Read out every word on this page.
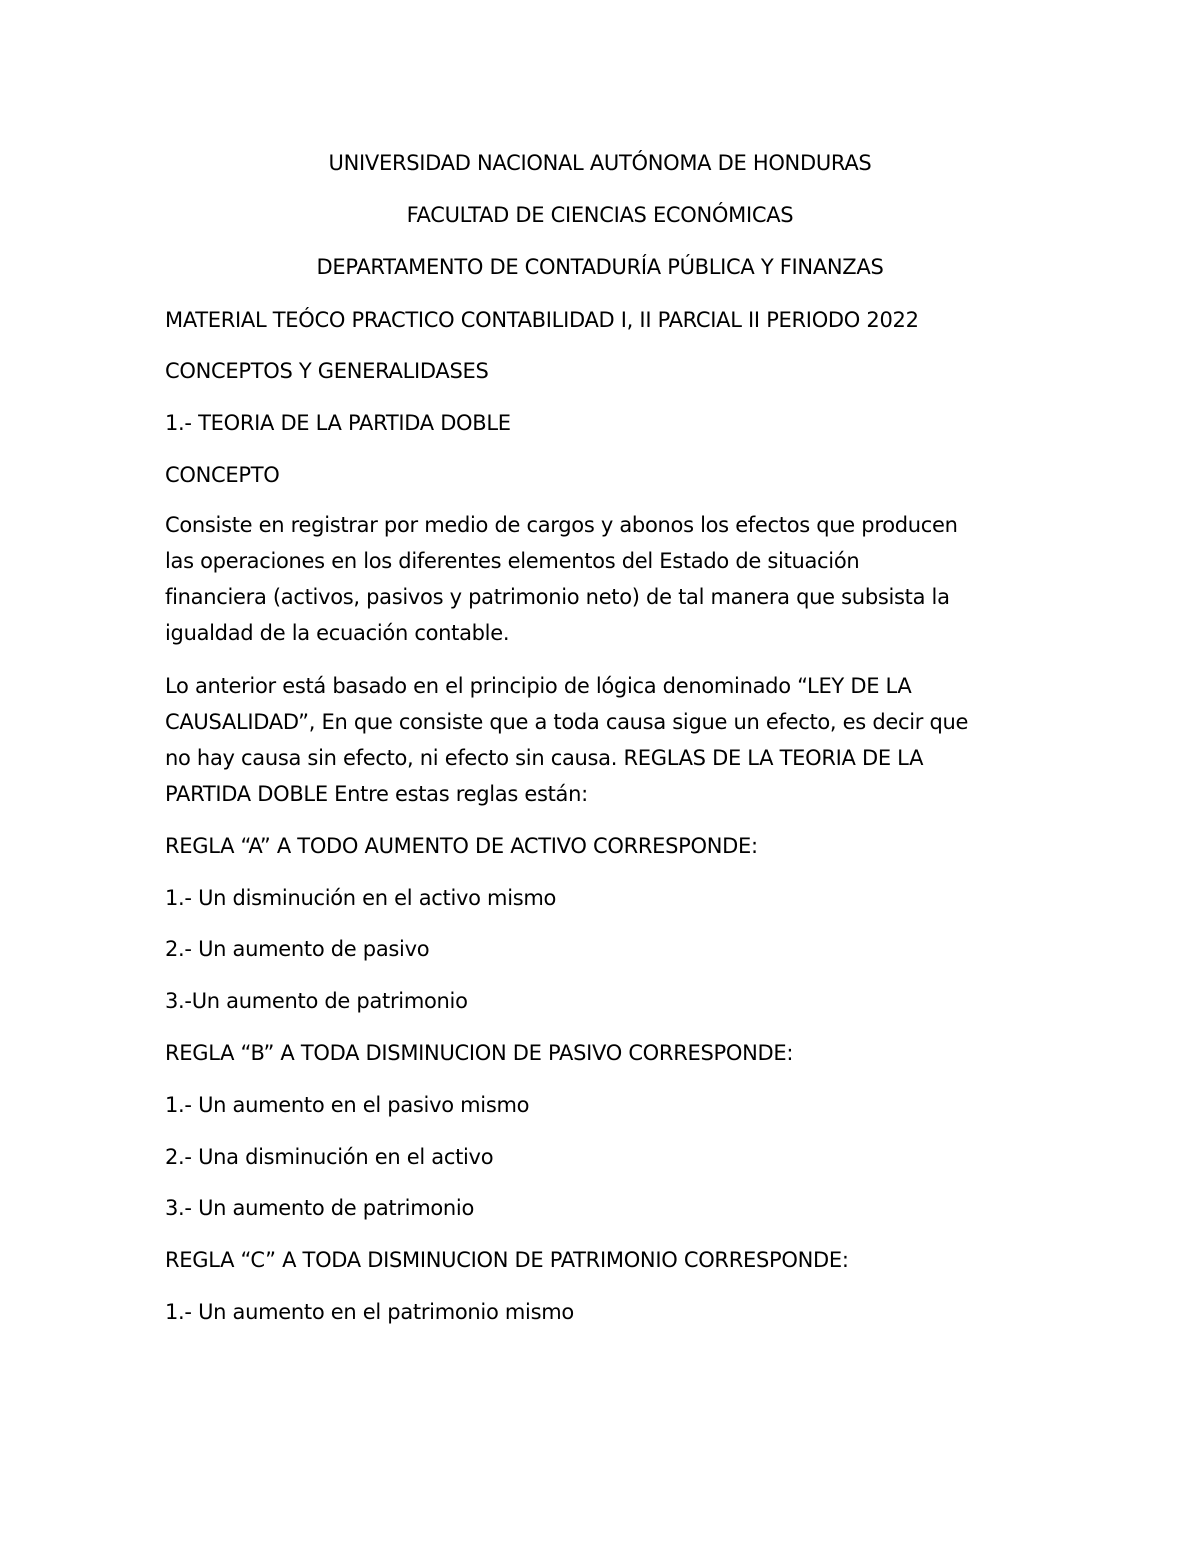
UNIVERSIDAD NACIONAL AUTÓNOMA DE HONDURAS
FACULTAD DE CIENCIAS ECONÓMICAS
DEPARTAMENTO DE CONTADURÍA PÚBLICA Y FINANZAS
MATERIAL TEÓCO PRACTICO CONTABILIDAD I, II PARCIAL II PERIODO 2022
CONCEPTOS Y GENERALIDASES
1.- TEORIA DE LA PARTIDA DOBLE
CONCEPTO
Consiste en registrar por medio de cargos y abonos los efectos que producen
las operaciones en los diferentes elementos del Estado de situación
financiera (activos, pasivos y patrimonio neto) de tal manera que subsista la
igualdad de la ecuación contable.
Lo anterior está basado en el principio de lógica denominado “LEY DE LA
CAUSALIDAD”, En que consiste que a toda causa sigue un efecto, es decir que
no hay causa sin efecto, ni efecto sin causa. REGLAS DE LA TEORIA DE LA
PARTIDA DOBLE Entre estas reglas están:
REGLA “A” A TODO AUMENTO DE ACTIVO CORRESPONDE:
1.- Un disminución en el activo mismo
2.- Un aumento de pasivo
3.-Un aumento de patrimonio
REGLA “B” A TODA DISMINUCION DE PASIVO CORRESPONDE:
1.- Un aumento en el pasivo mismo
2.- Una disminución en el activo
3.- Un aumento de patrimonio
REGLA “C” A TODA DISMINUCION DE PATRIMONIO CORRESPONDE:
1.- Un aumento en el patrimonio mismo
